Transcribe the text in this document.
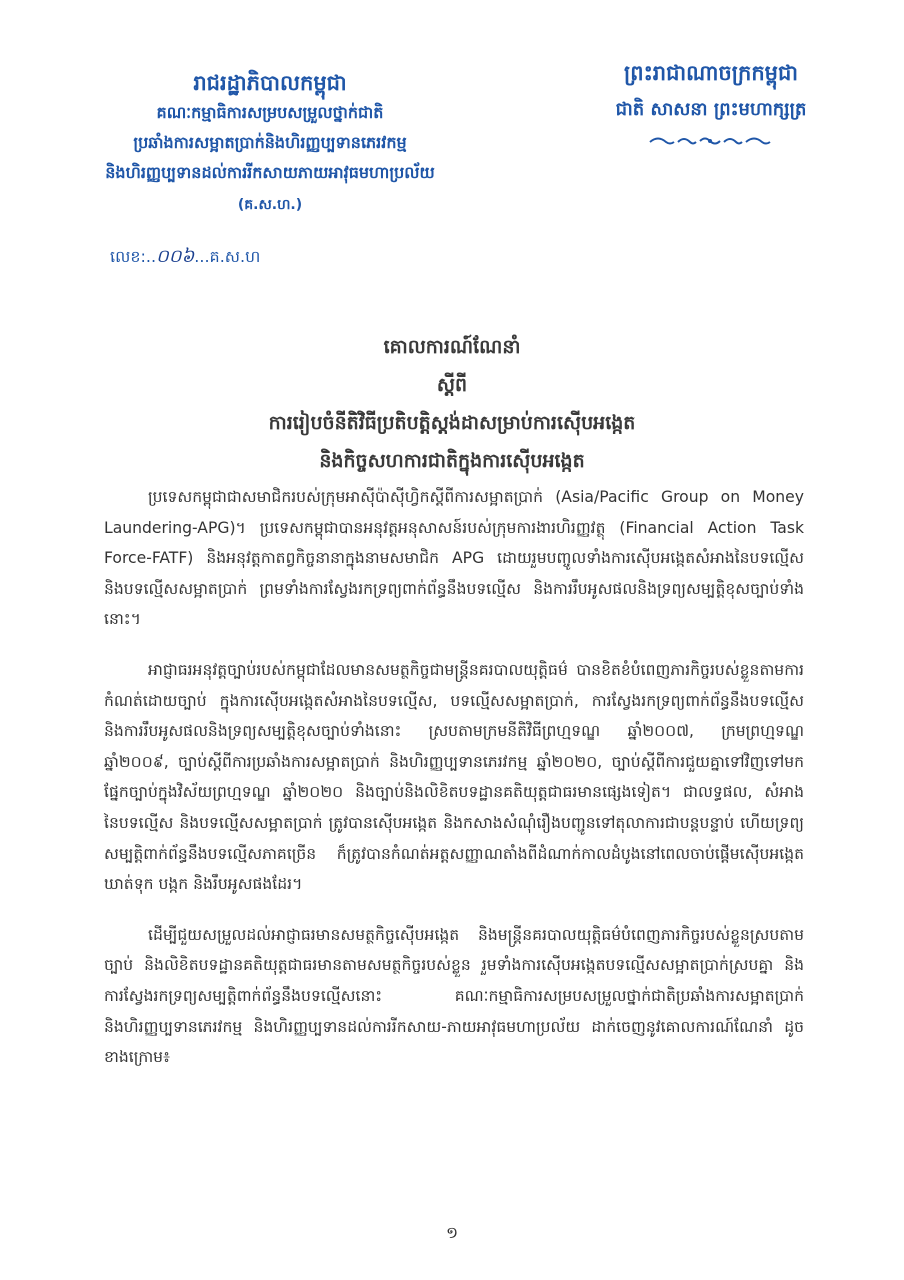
រាជរដ្ឋាភិបាលកម្ពុជា
គណៈកម្មាធិការសម្របសម្រួលថ្នាក់ជាតិ
ប្រឆាំងការសម្អាតប្រាក់និងហិរញ្ញប្បទានភេរវកម្ម
និងហិរញ្ញប្បទានដល់ការរីកសាយភាយអាវុធមហាប្រល័យ
(គ.ស.ហ.)
លេខ:..០០៦...គ.ស.ហ
ព្រះរាជាណាចក្រកម្ពុជា
ជាតិ សាសនា ព្រះមហាក្សត្រ
គោលការណ៍ណែនាំ
ស្តីពី
ការរៀបចំនីតិវិធីប្រតិបត្តិស្តង់ដាសម្រាប់ការស៊ើបអង្កេត
និងកិច្ចសហការជាតិក្នុងការស៊ើបអង្កេត

ប្រទេសកម្ពុជាជាសមាជិករបស់ក្រុមអាស៊ីប៉ាស៊ីហ្វិកស្តីពីការសម្អាតប្រាក់ (Asia/Pacific Group on Money Laundering-APG)។ ប្រទេសកម្ពុជាបានអនុវត្តអនុសាសន៍របស់ក្រុមការងារហិរញ្ញវត្ថុ (Financial Action Task Force-FATF) និងអនុវត្តកាតព្វកិច្ចនានាក្នុងនាមសមាជិក APG ដោយរួមបញ្ចូលទាំងការស៊ើបអង្កេតសំអាងនៃបទល្មើស និងបទល្មើសសម្អាតប្រាក់ ព្រមទាំងការស្វែងរកទ្រព្យពាក់ព័ន្ធនឹងបទល្មើស និងការរឹបអូសផលនិងទ្រព្យសម្បត្តិខុសច្បាប់ទាំងនោះ។

អាជ្ញាធរអនុវត្តច្បាប់របស់កម្ពុជាដែលមានសមត្ថកិច្ចជាមន្ត្រីនគរបាលយុត្តិធម៌ បានខិតខំបំពេញភារកិច្ចរបស់ខ្លួនតាមការកំណត់ដោយច្បាប់ ក្នុងការស៊ើបអង្កេតសំអាងនៃបទល្មើស, បទល្មើសសម្អាតប្រាក់, ការស្វែងរកទ្រព្យពាក់ព័ន្ធនឹងបទល្មើស និងការរឹបអូសផលនិងទ្រព្យសម្បត្តិខុសច្បាប់ទាំងនោះ ស្របតាមក្រមនីតិវិធីព្រហ្មទណ្ឌ ឆ្នាំ២០០៧, ក្រមព្រហ្មទណ្ឌ ឆ្នាំ២០០៩, ច្បាប់ស្តីពីការប្រឆាំងការសម្អាតប្រាក់ និងហិរញ្ញប្បទានភេរវកម្ម ឆ្នាំ២០២០, ច្បាប់ស្តីពីការជួយគ្នាទៅវិញទៅមកផ្នែកច្បាប់ក្នុងវិស័យព្រហ្មទណ្ឌ ឆ្នាំ២០២០ និងច្បាប់និងលិខិតបទដ្ឋានគតិយុត្តជាធរមានផ្សេងទៀត។ ជាលទ្ធផល, សំអាងនៃបទល្មើស និងបទល្មើសសម្អាតប្រាក់ ត្រូវបានស៊ើបអង្កេត និងកសាងសំណុំរឿងបញ្ជូនទៅតុលាការជាបន្តបន្ទាប់ ហើយទ្រព្យសម្បត្តិពាក់ព័ន្ធនឹងបទល្មើសភាគច្រើន ក៏ត្រូវបានកំណត់អត្តសញ្ញាណតាំងពីដំណាក់កាលដំបូងនៅពេលចាប់ផ្តើមស៊ើបអង្កេត ឃាត់ទុក បង្កក និងរឹបអូសផងដែរ។

ដើម្បីជួយសម្រួលដល់អាជ្ញាធរមានសមត្ថកិច្ចស៊ើបអង្កេត និងមន្ត្រីនគរបាលយុត្តិធម៌បំពេញភារកិច្ចរបស់ខ្លួនស្របតាមច្បាប់ និងលិខិតបទដ្ឋានគតិយុត្តជាធរមានតាមសមត្ថកិច្ចរបស់ខ្លួន រួមទាំងការស៊ើបអង្កេតបទល្មើសសម្អាតប្រាក់ស្របគ្នា និងការស្វែងរកទ្រព្យសម្បត្តិពាក់ព័ន្ធនឹងបទល្មើសនោះ គណៈកម្មាធិការសម្របសម្រួលថ្នាក់ជាតិប្រឆាំងការសម្អាតប្រាក់ និងហិរញ្ញប្បទានភេរវកម្ម និងហិរញ្ញប្បទានដល់ការរីកសាយ-ភាយអាវុធមហាប្រល័យ ដាក់ចេញនូវគោលការណ៍ណែនាំ ដូចខាងក្រោម៖

១
